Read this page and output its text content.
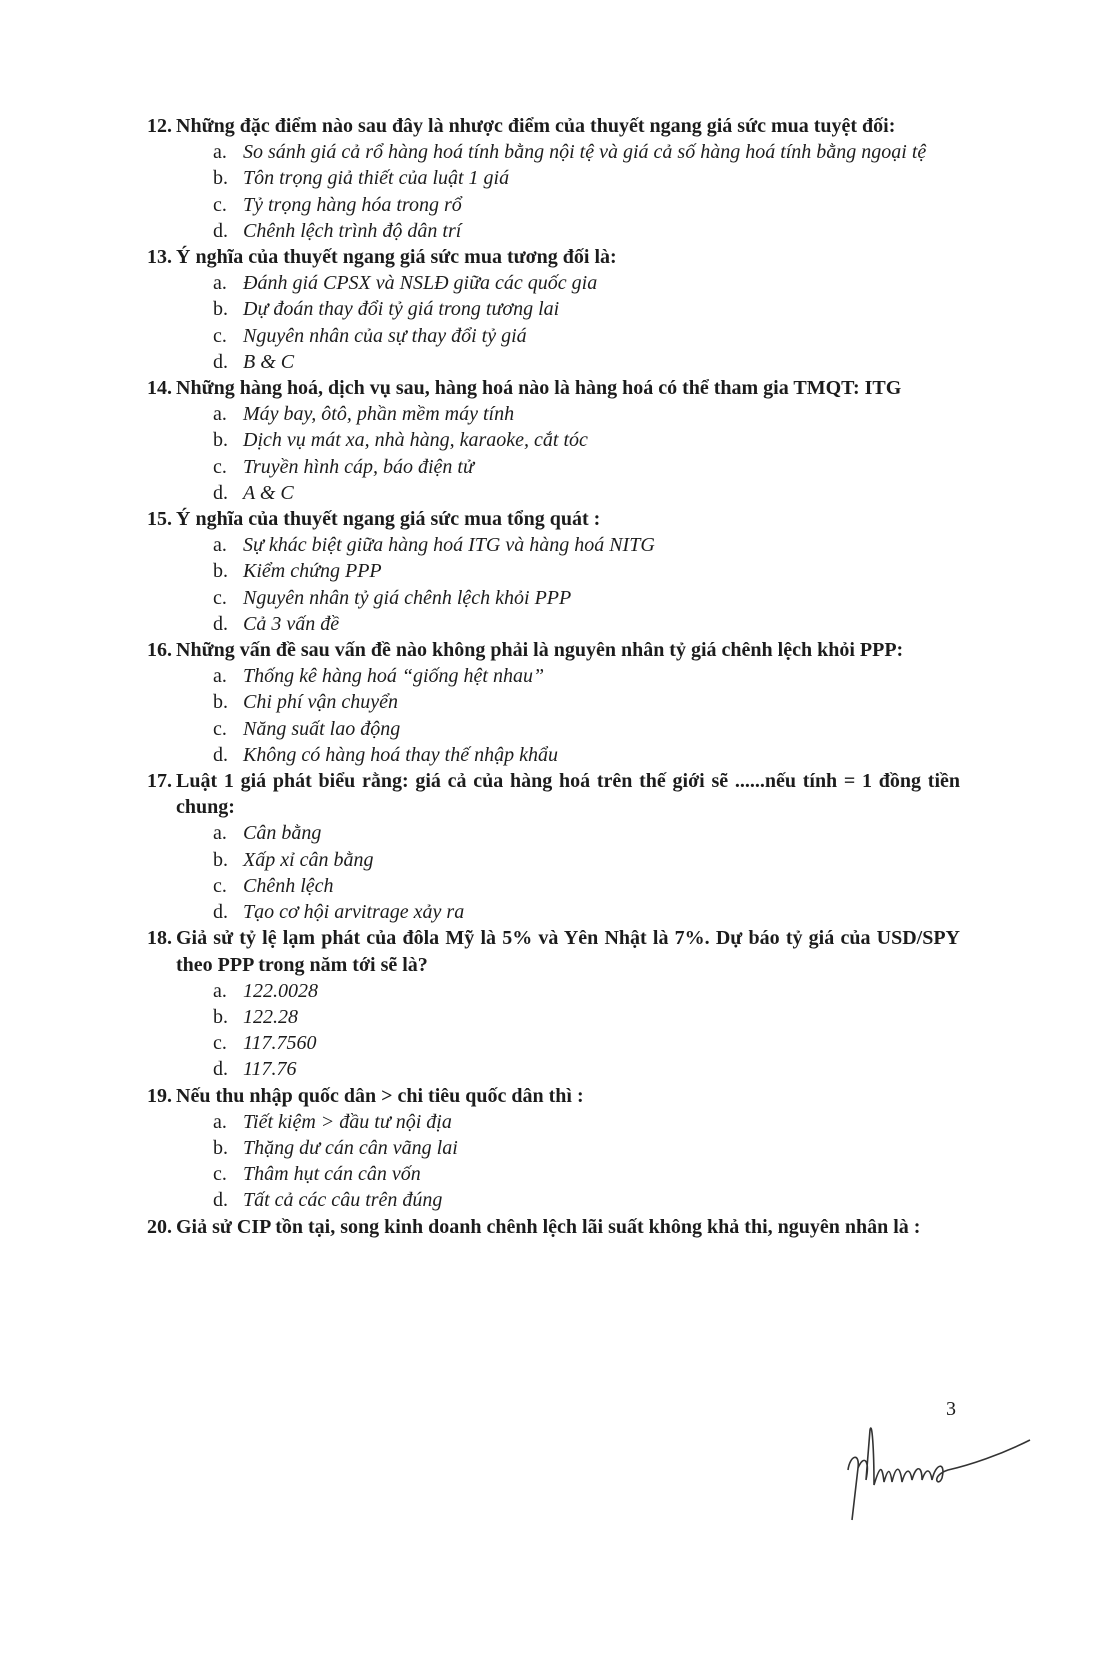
12. Những đặc điểm nào sau đây là nhược điểm của thuyết ngang giá sức mua tuyệt đối:
a. So sánh giá cả rổ hàng hoá tính bằng nội tệ và giá cả số hàng hoá tính bằng ngoại tệ
b. Tôn trọng giả thiết của luật 1 giá
c. Tỷ trọng hàng hóa trong rổ
d. Chênh lệch trình độ dân trí
13. Ý nghĩa của thuyết ngang giá sức mua tương đối là:
a. Đánh giá CPSX và NSLĐ giữa các quốc gia
b. Dự đoán thay đổi tỷ giá trong tương lai
c. Nguyên nhân của sự thay đổi tỷ giá
d. B & C
14. Những hàng hoá, dịch vụ sau, hàng hoá nào là hàng hoá có thể tham gia TMQT: ITG
a. Máy bay, ôtô, phần mềm máy tính
b. Dịch vụ mát xa, nhà hàng, karaoke, cắt tóc
c. Truyền hình cáp, báo điện tử
d. A & C
15. Ý nghĩa của thuyết ngang giá sức mua tổng quát :
a. Sự khác biệt giữa hàng hoá ITG và hàng hoá NITG
b. Kiểm chứng PPP
c. Nguyên nhân tỷ giá chênh lệch khỏi PPP
d. Cả 3 vấn đề
16. Những vấn đề sau vấn đề nào không phải là nguyên nhân tỷ giá chênh lệch khỏi PPP:
a. Thống kê hàng hoá “giống hệt nhau”
b. Chi phí vận chuyển
c. Năng suất lao động
d. Không có hàng hoá thay thế nhập khẩu
17. Luật 1 giá phát biểu rằng: giá cả của hàng hoá trên thế giới sẽ ......nếu tính = 1 đồng tiền chung:
a. Cân bằng
b. Xấp xỉ cân bằng
c. Chênh lệch
d. Tạo cơ hội arvitrage xảy ra
18. Giả sử tỷ lệ lạm phát của đôla Mỹ là 5% và Yên Nhật là 7%. Dự báo tỷ giá của USD/SPY theo PPP trong năm tới sẽ là?
a. 122.0028
b. 122.28
c. 117.7560
d. 117.76
19. Nếu thu nhập quốc dân > chi tiêu quốc dân thì :
a. Tiết kiệm > đầu tư nội địa
b. Thặng dư cán cân vãng lai
c. Thâm hụt cán cân vốn
d. Tất cả các câu trên đúng
20. Giả sử CIP tồn tại, song kinh doanh chênh lệch lãi suất không khả thi, nguyên nhân là :
3
